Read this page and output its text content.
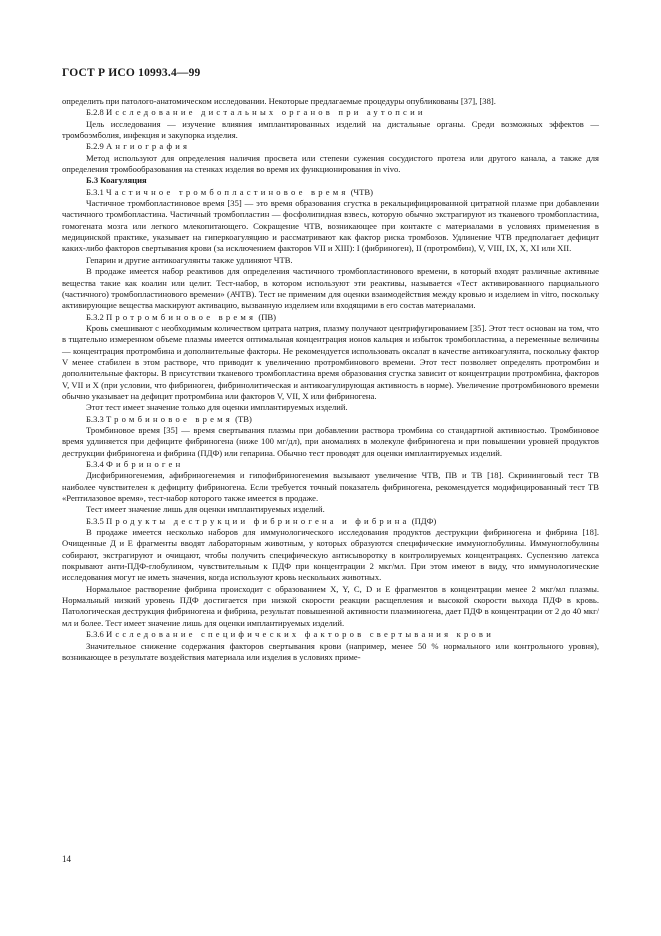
ГОСТ Р ИСО 10993.4—99

определить при патолого-анатомическом исследовании. Некоторые предлагаемые процедуры опубликованы [37], [38].

Б.2.8 Исследование дистальных органов при аутопсии

Цель исследования — изучение влияния имплантированных изделий на дистальные органы. Среди возможных эффектов — тромбоэмболия, инфекция и закупорка изделия.

Б.2.9 Ангиография

Метод используют для определения наличия просвета или степени сужения сосудистого протеза или другого канала, а также для определения тромбообразования на стенках изделия во время их функционирования in vivo.

Б.3 Коагуляция
Б.3.1 Частичное тромбопластиновое время (ЧТВ)

Частичное тромбопластиновое время [35] — это время образования сгустка в рекальцифицированной цитратной плазме при добавлении частичного тромбопластина. Частичный тромбопластин — фосфолипидная взвесь, которую обычно экстрагируют из тканевого тромбопластина, гомогената мозга или легкого млекопитающего. Сокращение ЧТВ, возникающее при контакте с материалами в условиях применения в медицинской практике, указывает на гиперкоагуляцию и рассматривают как фактор риска тромбозов. Удлинение ЧТВ предполагает дефицит каких-либо факторов свертывания крови (за исключением факторов VII и XIII): I (фибриноген), II (протромбин), V, VIII, IX, X, XI или XII.

Гепарин и другие антикоагулянты также удлиняют ЧТВ.

В продаже имеется набор реактивов для определения частичного тромбопластинового времени, в который входят различные активные вещества такие как коалин или целит. Тест-набор, в котором используют эти реактивы, называется «Тест активированного парциального (частичного) тромбопластинового времени» (АЧТВ). Тест не применим для оценки взаимодействия между кровью и изделием in vitro, поскольку активирующие вещества маскируют активацию, вызванную изделием или входящими в его состав материалами.

Б.3.2 Протромбиновое время (ПВ)

Кровь смешивают с необходимым количеством цитрата натрия, плазму получают центрифугированием [35]. Этот тест основан на том, что в тщательно измеренном объеме плазмы имеется оптимальная концентрация ионов кальция и избыток тромбопластина, а переменные величины — концентрация протромбина и дополнительные факторы. Не рекомендуется использовать оксалат в качестве антикоагулянта, поскольку фактор V менее стабилен в этом растворе, что приводит к увеличению протромбинового времени. Этот тест позволяет определять протромбин и дополнительные факторы. В присутствии тканевого тромбопластина время образования сгустка зависит от концентрации протромбина, факторов V, VII и X (при условии, что фибриноген, фибринолитическая и антикоагулирующая активность в норме). Увеличение протромбинового времени обычно указывает на дефицит протромбина или факторов V, VII, X или фибриногена.

Этот тест имеет значение только для оценки имплантируемых изделий.

Б.3.3 Тромбиновое время (ТВ)

Тромбиновое время [35] — время свертывания плазмы при добавлении раствора тромбина со стандартной активностью. Тромбиновое время удлиняется при дефиците фибриногена (ниже 100 мг/дл), при аномалиях в молекуле фибриногена и при повышении уровней продуктов деструкции фибриногена и фибрина (ПДФ) или гепарина. Обычно тест проводят для оценки имплантируемых изделий.

Б.3.4 Фибриноген

Дисфибриногенемия, афибриногенемия и гипофибриногенемия вызывают увеличение ЧТВ, ПВ и ТВ [18]. Скрининговый тест ТВ наиболее чувствителен к дефициту фибриногена. Если требуется точный показатель фибриногена, рекомендуется модифицированный тест ТВ «Рептилазовое время», тест-набор которого также имеется в продаже.

Тест имеет значение лишь для оценки имплантируемых изделий.

Б.3.5 Продукты деструкции фибриногена и фибрина (ПДФ)

В продаже имеется несколько наборов для иммунологического исследования продуктов деструкции фибриногена и фибрина [18]. Очищенные Д и Е фрагменты вводят лабораторным животным, у которых образуются специфические иммуноглобулины. Иммуноглобулины собирают, экстрагируют и очищают, чтобы получить специфическую антисыворотку в контролируемых концентрациях. Суспензию латекса покрывают анти-ПДФ-глобулином, чувствительным к ПДФ при концентрации 2 мкг/мл. При этом имеют в виду, что иммунологические исследования могут не иметь значения, когда используют кровь нескольких животных.

Нормальное растворение фибрина происходит с образованием X, Y, C, D и E фрагментов в концентрации менее 2 мкг/мл плазмы. Нормальный низкий уровень ПДФ достигается при низкой скорости реакции расщепления и высокой скорости выхода ПДФ в кровь. Патологическая деструкция фибриногена и фибрина, результат повышенной активности плазминогена, дает ПДФ в концентрации от 2 до 40 мкг/мл и более. Тест имеет значение лишь для оценки имплантируемых изделий.

Б.3.6 Исследование специфических факторов свертывания крови

Значительное снижение содержания факторов свертывания крови (например, менее 50 % нормального или контрольного уровня), возникающее в результате воздействия материала или изделия в условиях приме-

14
